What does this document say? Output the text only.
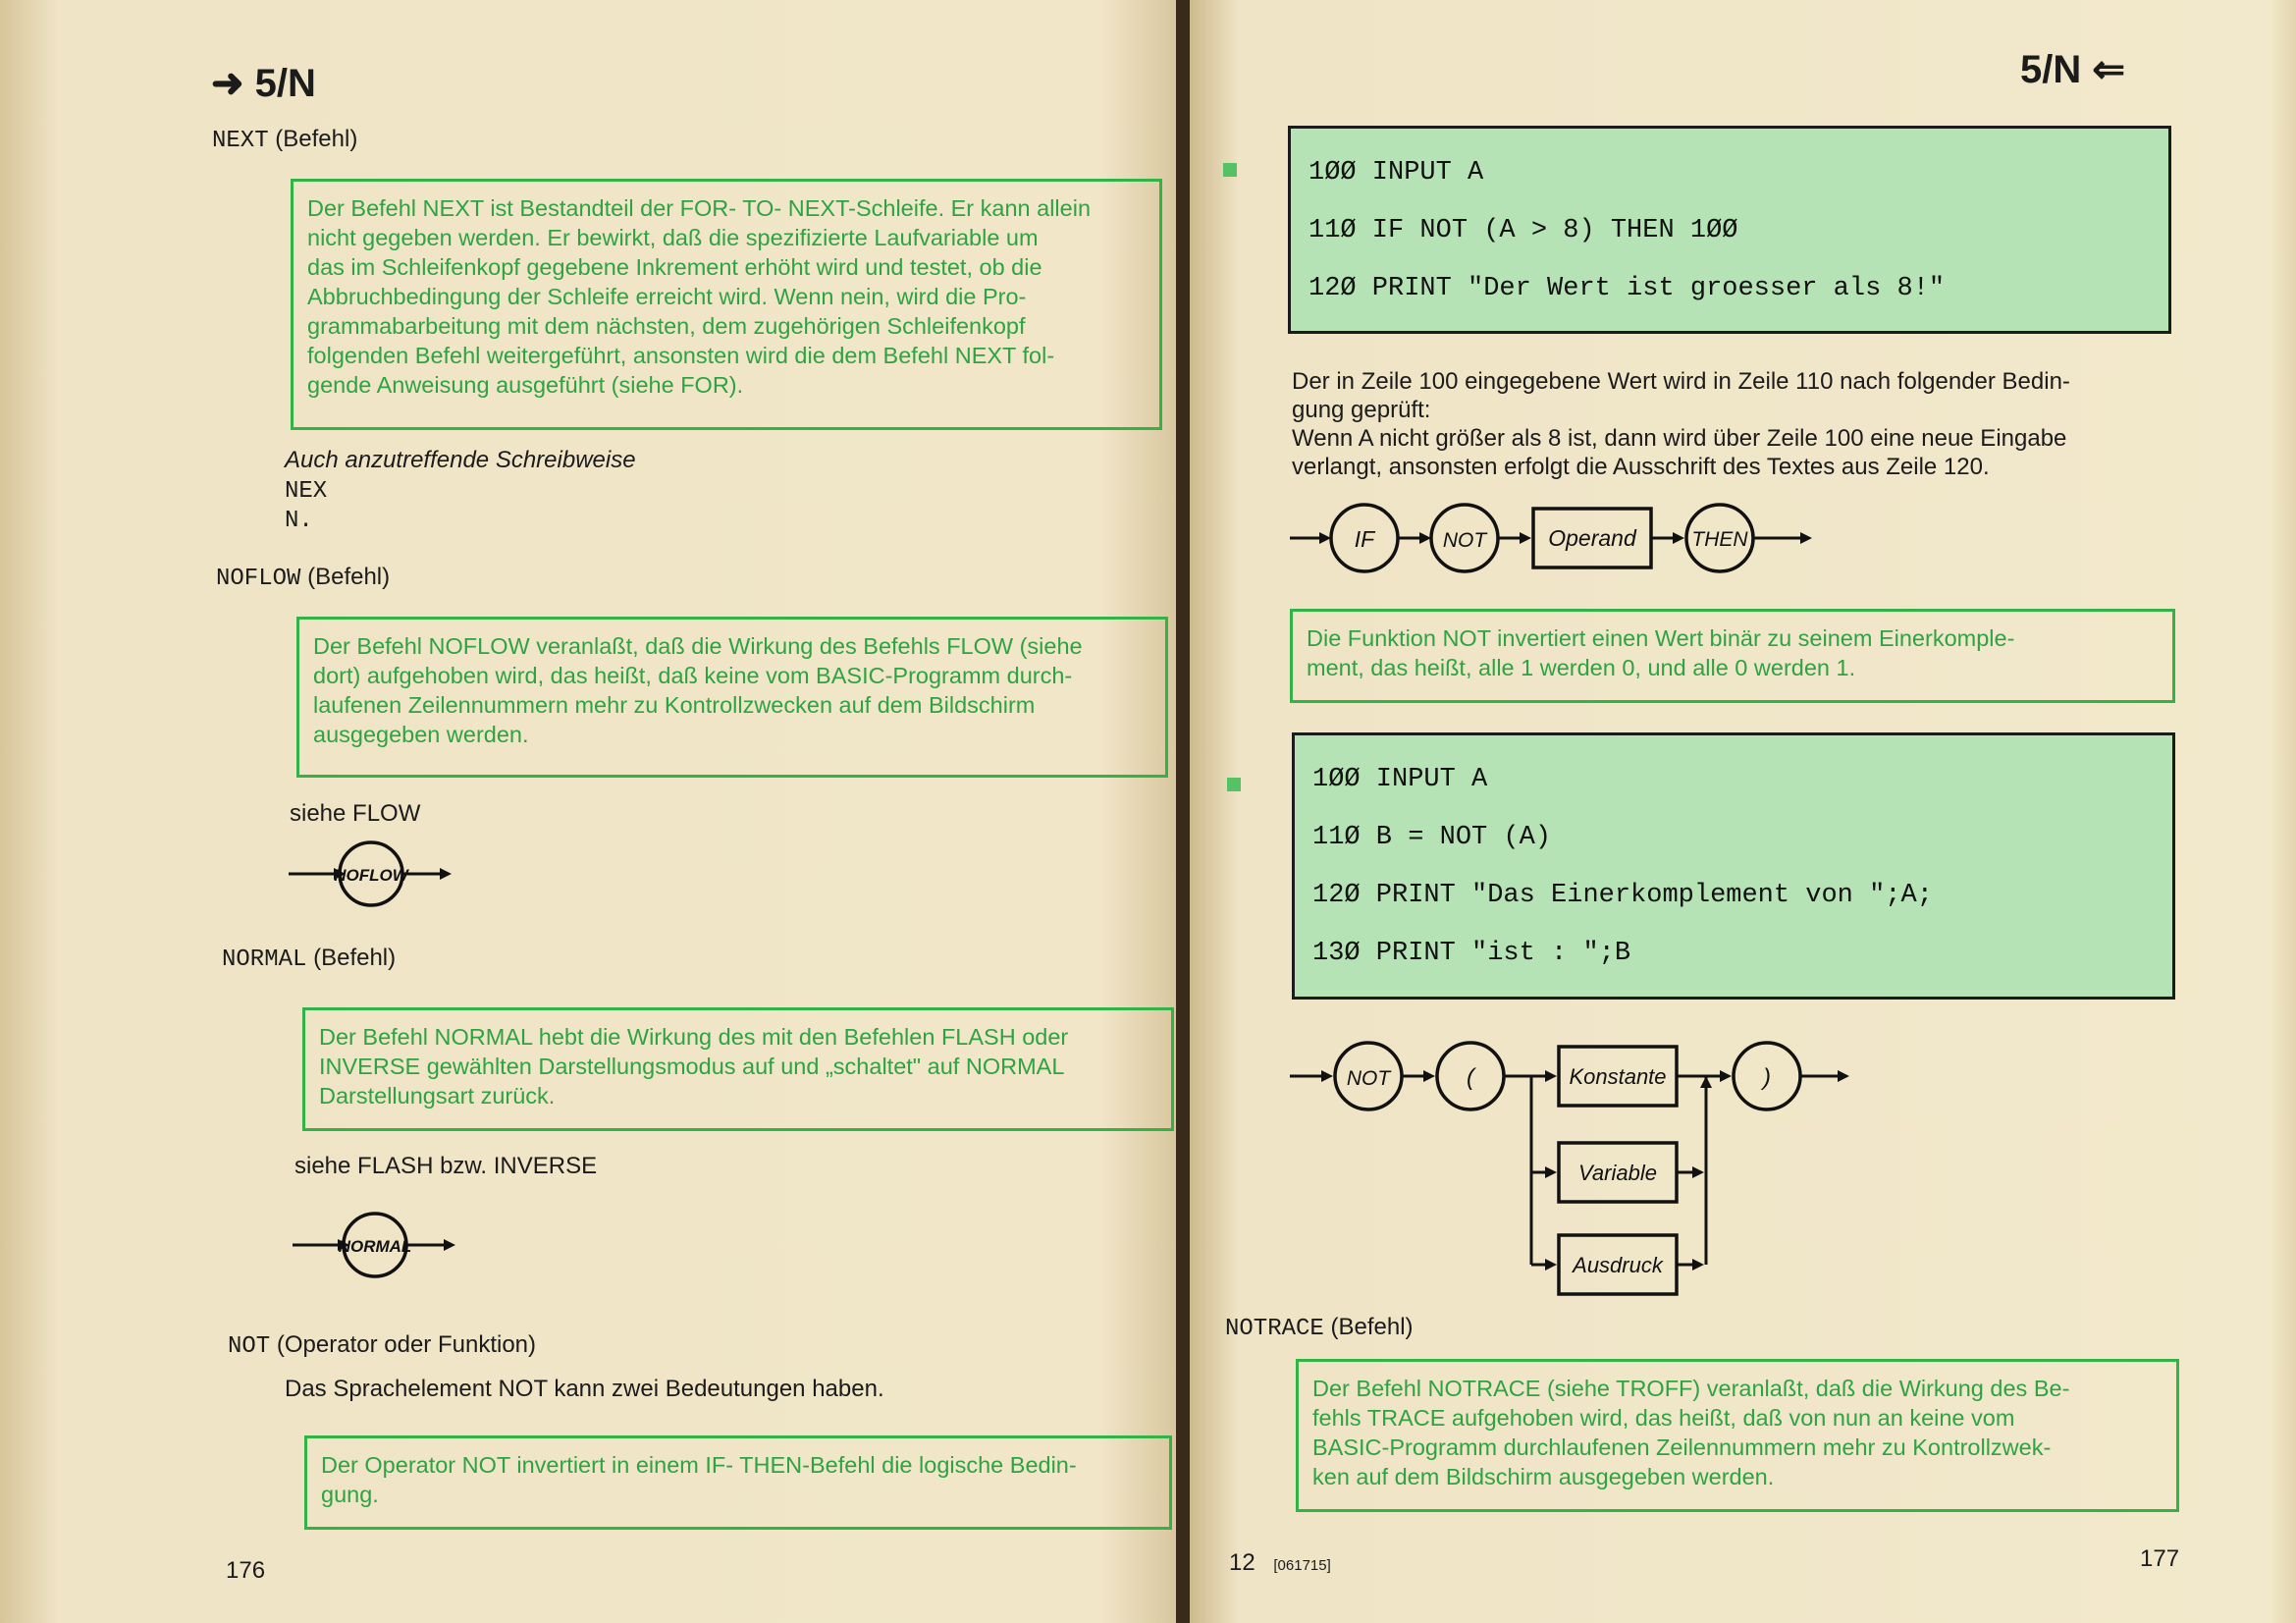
➜ 5/N
NEXT (Befehl)
Der Befehl NEXT ist Bestandteil der FOR- TO- NEXT-Schleife. Er kann allein
nicht gegeben werden. Er bewirkt, daß die spezifizierte Laufvariable um
das im Schleifenkopf gegebene Inkrement erhöht wird und testet, ob die
Abbruchbedingung der Schleife erreicht wird. Wenn nein, wird die Pro-
grammabarbeitung mit dem nächsten, dem zugehörigen Schleifenkopf
folgenden Befehl weitergeführt, ansonsten wird die dem Befehl NEXT fol-
gende Anweisung ausgeführt (siehe FOR).
Auch anzutreffende Schreibweise
NEX
N.
NOFLOW (Befehl)
Der Befehl NOFLOW veranlaßt, daß die Wirkung des Befehls FLOW (siehe
dort) aufgehoben wird, das heißt, daß keine vom BASIC-Programm durch-
laufenen Zeilennummern mehr zu Kontrollzwecken auf dem Bildschirm
ausgegeben werden.
siehe FLOW
NOFLOW
NORMAL (Befehl)
Der Befehl NORMAL hebt die Wirkung des mit den Befehlen FLASH oder
INVERSE gewählten Darstellungsmodus auf und „schaltet" auf NORMAL
Darstellungsart zurück.
siehe FLASH bzw. INVERSE
NORMAL
NOT (Operator oder Funktion)
Das Sprachelement NOT kann zwei Bedeutungen haben.
Der Operator NOT invertiert in einem IF- THEN-Befehl die logische Bedin-
gung.
176
5/N ⇐
1ØØ INPUT A
11Ø IF NOT (A > 8) THEN 1ØØ
12Ø PRINT "Der Wert ist groesser als 8!"
Der in Zeile 100 eingegebene Wert wird in Zeile 110 nach folgender Bedin-
gung geprüft:
Wenn A nicht größer als 8 ist, dann wird über Zeile 100 eine neue Eingabe
verlangt, ansonsten erfolgt die Ausschrift des Textes aus Zeile 120.
IF	NOT	Operand	THEN
Die Funktion NOT invertiert einen Wert binär zu seinem Einerkomple-
ment, das heißt, alle 1 werden 0, und alle 0 werden 1.
1ØØ INPUT A
11Ø B = NOT (A)
12Ø PRINT "Das Einerkomplement von ";A;
13Ø PRINT "ist : ";B
NOT	(	Konstante
Variable
Ausdruck
)
NOTRACE (Befehl)
Der Befehl NOTRACE (siehe TROFF) veranlaßt, daß die Wirkung des Be-
fehls TRACE aufgehoben wird, das heißt, daß von nun an keine vom
BASIC-Programm durchlaufenen Zeilennummern mehr zu Kontrollzwek-
ken auf dem Bildschirm ausgegeben werden.
12 [061715]	177
